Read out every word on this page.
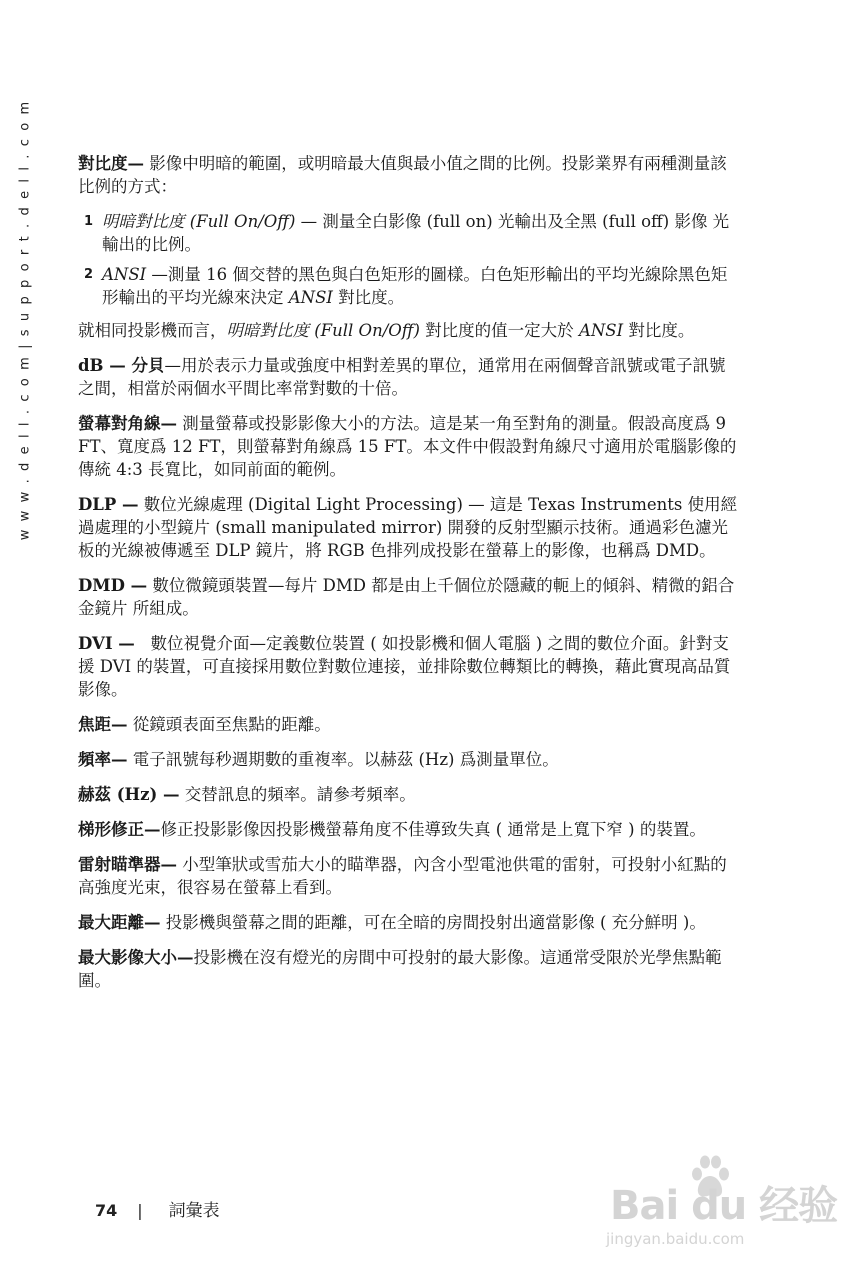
w w w . d e l l . c o m | s u p p o r t . d e l l . c o m	對比度— 影像中明暗的範圍，或明暗最大值與最小值之間的比例。投影業界有兩種測量該比例的方式：

1 明暗對比度 (Full On/Off) — 測量全白影像 (full on) 光輸出及全黑 (full off) 影像 光輸出的比例。

2 ANSI —測量 16 個交替的黑色與白色矩形的圖樣。白色矩形輸出的平均光線除黑色矩形輸出的平均光線來決定 ANSI 對比度。

就相同投影機而言，明暗對比度 (Full On/Off) 對比度的值一定大於 ANSI 對比度。

dB — 分貝—用於表示力量或強度中相對差異的單位，通常用在兩個聲音訊號或電子訊號之間，相當於兩個水平間比率常對數的十倍。

螢幕對角線— 測量螢幕或投影影像大小的方法。這是某一角至對角的測量。假設高度爲 9 FT、寬度爲 12 FT，則螢幕對角線爲 15 FT。本文件中假設對角線尺寸適用於電腦影像的傳統 4:3 長寬比，如同前面的範例。

DLP — 數位光線處理 (Digital Light Processing) — 這是 Texas Instruments 使用經過處理的小型鏡片 (small manipulated mirror) 開發的反射型顯示技術。通過彩色濾光板的光線被傳遞至 DLP 鏡片，將 RGB 色排列成投影在螢幕上的影像，也稱爲 DMD。

DMD — 數位微鏡頭裝置—每片 DMD 都是由上千個位於隱藏的軛上的傾斜、精微的鋁合金鏡片 所組成。

DVI —   數位視覺介面—定義數位裝置 ( 如投影機和個人電腦 ) 之間的數位介面。針對支援 DVI 的裝置，可直接採用數位對數位連接，並排除數位轉類比的轉換，藉此實現高品質影像。

焦距— 從鏡頭表面至焦點的距離。

頻率— 電子訊號每秒週期數的重複率。以赫茲 (Hz) 爲測量單位。

赫茲 (Hz) — 交替訊息的頻率。請參考頻率。

梯形修正—修正投影影像因投影機螢幕角度不佳導致失真 ( 通常是上寬下窄 ) 的裝置。

雷射瞄準器— 小型筆狀或雪茄大小的瞄準器，內含小型電池供電的雷射，可投射小紅點的高強度光束，很容易在螢幕上看到。

最大距離— 投影機與螢幕之間的距離，可在全暗的房間投射出適當影像 ( 充分鮮明 )。

最大影像大小—投影機在沒有燈光的房間中可投射的最大影像。這通常受限於光學焦點範圍。

74 | 詞彙表	Bai du 经验
jingyan.baidu.com
